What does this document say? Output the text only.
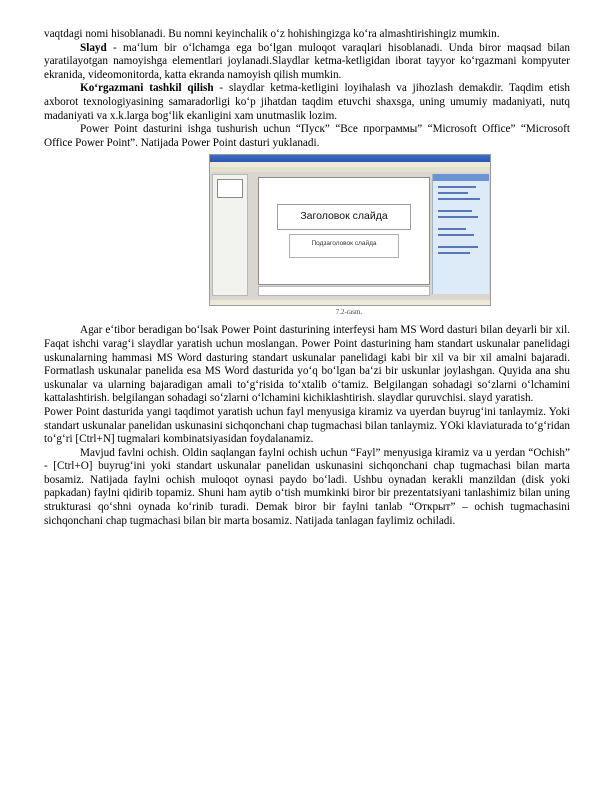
vaqtdagi nomi hisoblanadi. Bu nomni keyinchalik o‘z hohishingizga ko‘ra almashtirishingiz mumkin.

Slayd - ma‘lum bir o‘lchamga ega bo‘lgan muloqot varaqlari hisoblanadi. Unda biror maqsad bilan yaratilayotgan namoyishga elementlari joylanadi.Slaydlar ketma-ketligidan iborat tayyor ko‘rgazmani kompyuter ekranida, videomonitorda, katta ekranda namoyish qilish mumkin.

Ko‘rgazmani tashkil qilish - slaydlar ketma-ketligini loyihalash va jihozlash demakdir. Taqdim etish axborot texnologiyasining samaradorligi ko‘p jihatdan taqdim etuvchi shaxsga, uning umumiy madaniyati, nutq madaniyati va x.k.larga bog‘lik ekanligini xam unutmaslik lozim.

Power Point dasturini ishga tushurish uchun “Пуск” “Все программы” “Microsoft Office” “Microsoft Office Power Point”. Natijada Power Point dasturi yuklanadi.

Заголовок слайда
Подзаголовок слайда
7.2-rasm.

Agar e‘tibor beradigan bo‘lsak Power Point dasturining interfeysi ham MS Word dasturi bilan deyarli bir xil. Faqat ishchi varag‘i slaydlar yaratish uchun moslangan. Power Point dasturining ham standart uskunalar panelidagi uskunalarning hammasi MS Word dasturing standart uskunalar panelidagi kabi bir xil va bir xil amalni bajaradi. Formatlash uskunalar panelida esa MS Word dasturida yo‘q bo‘lgan ba‘zi bir uskunlar joylashgan. Quyida ana shu uskunalar va ularning bajaradigan amali to‘g‘risida to‘xtalib o‘tamiz. Belgilangan sohadagi so‘zlarni o‘lchamini kattalashtirish. belgilangan sohadagi so‘zlarni o‘lchamini kichiklashtirish. slaydlar quruvchisi. slayd yaratish.

Power Point dasturida yangi taqdimot yaratish uchun fayl menyusiga kiramiz va uyerdan buyrug‘ini tanlaymiz. Yoki standart uskunalar panelidan uskunasini sichqonchani chap tugmachasi bilan tanlaymiz. YOki klaviaturada to‘g‘ridan to‘g‘ri [Ctrl+N] tugmalari kombinatsiyasidan foydalanamiz.

Mavjud favlni ochish. Oldin saqlangan faylni ochish uchun “Fayl” menyusiga kiramiz va u yerdan “Ochish” - [Ctrl+O] buyrug‘ini yoki standart uskunalar panelidan uskunasini sichqonchani chap tugmachasi bilan marta bosamiz. Natijada faylni ochish muloqot oynasi paydo bo‘ladi. Ushbu oynadan kerakli manzildan (disk yoki papkadan) faylni qidirib topamiz. Shuni ham aytib o‘tish mumkinki biror bir prezentatsiyani tanlashimiz bilan uning strukturasi qo‘shni oynada ko‘rinib turadi. Demak biror bir faylni tanlab “Открыт” – ochish tugmachasini sichqonchani chap tugmachasi bilan bir marta bosamiz. Natijada tanlagan faylimiz ochiladi.
